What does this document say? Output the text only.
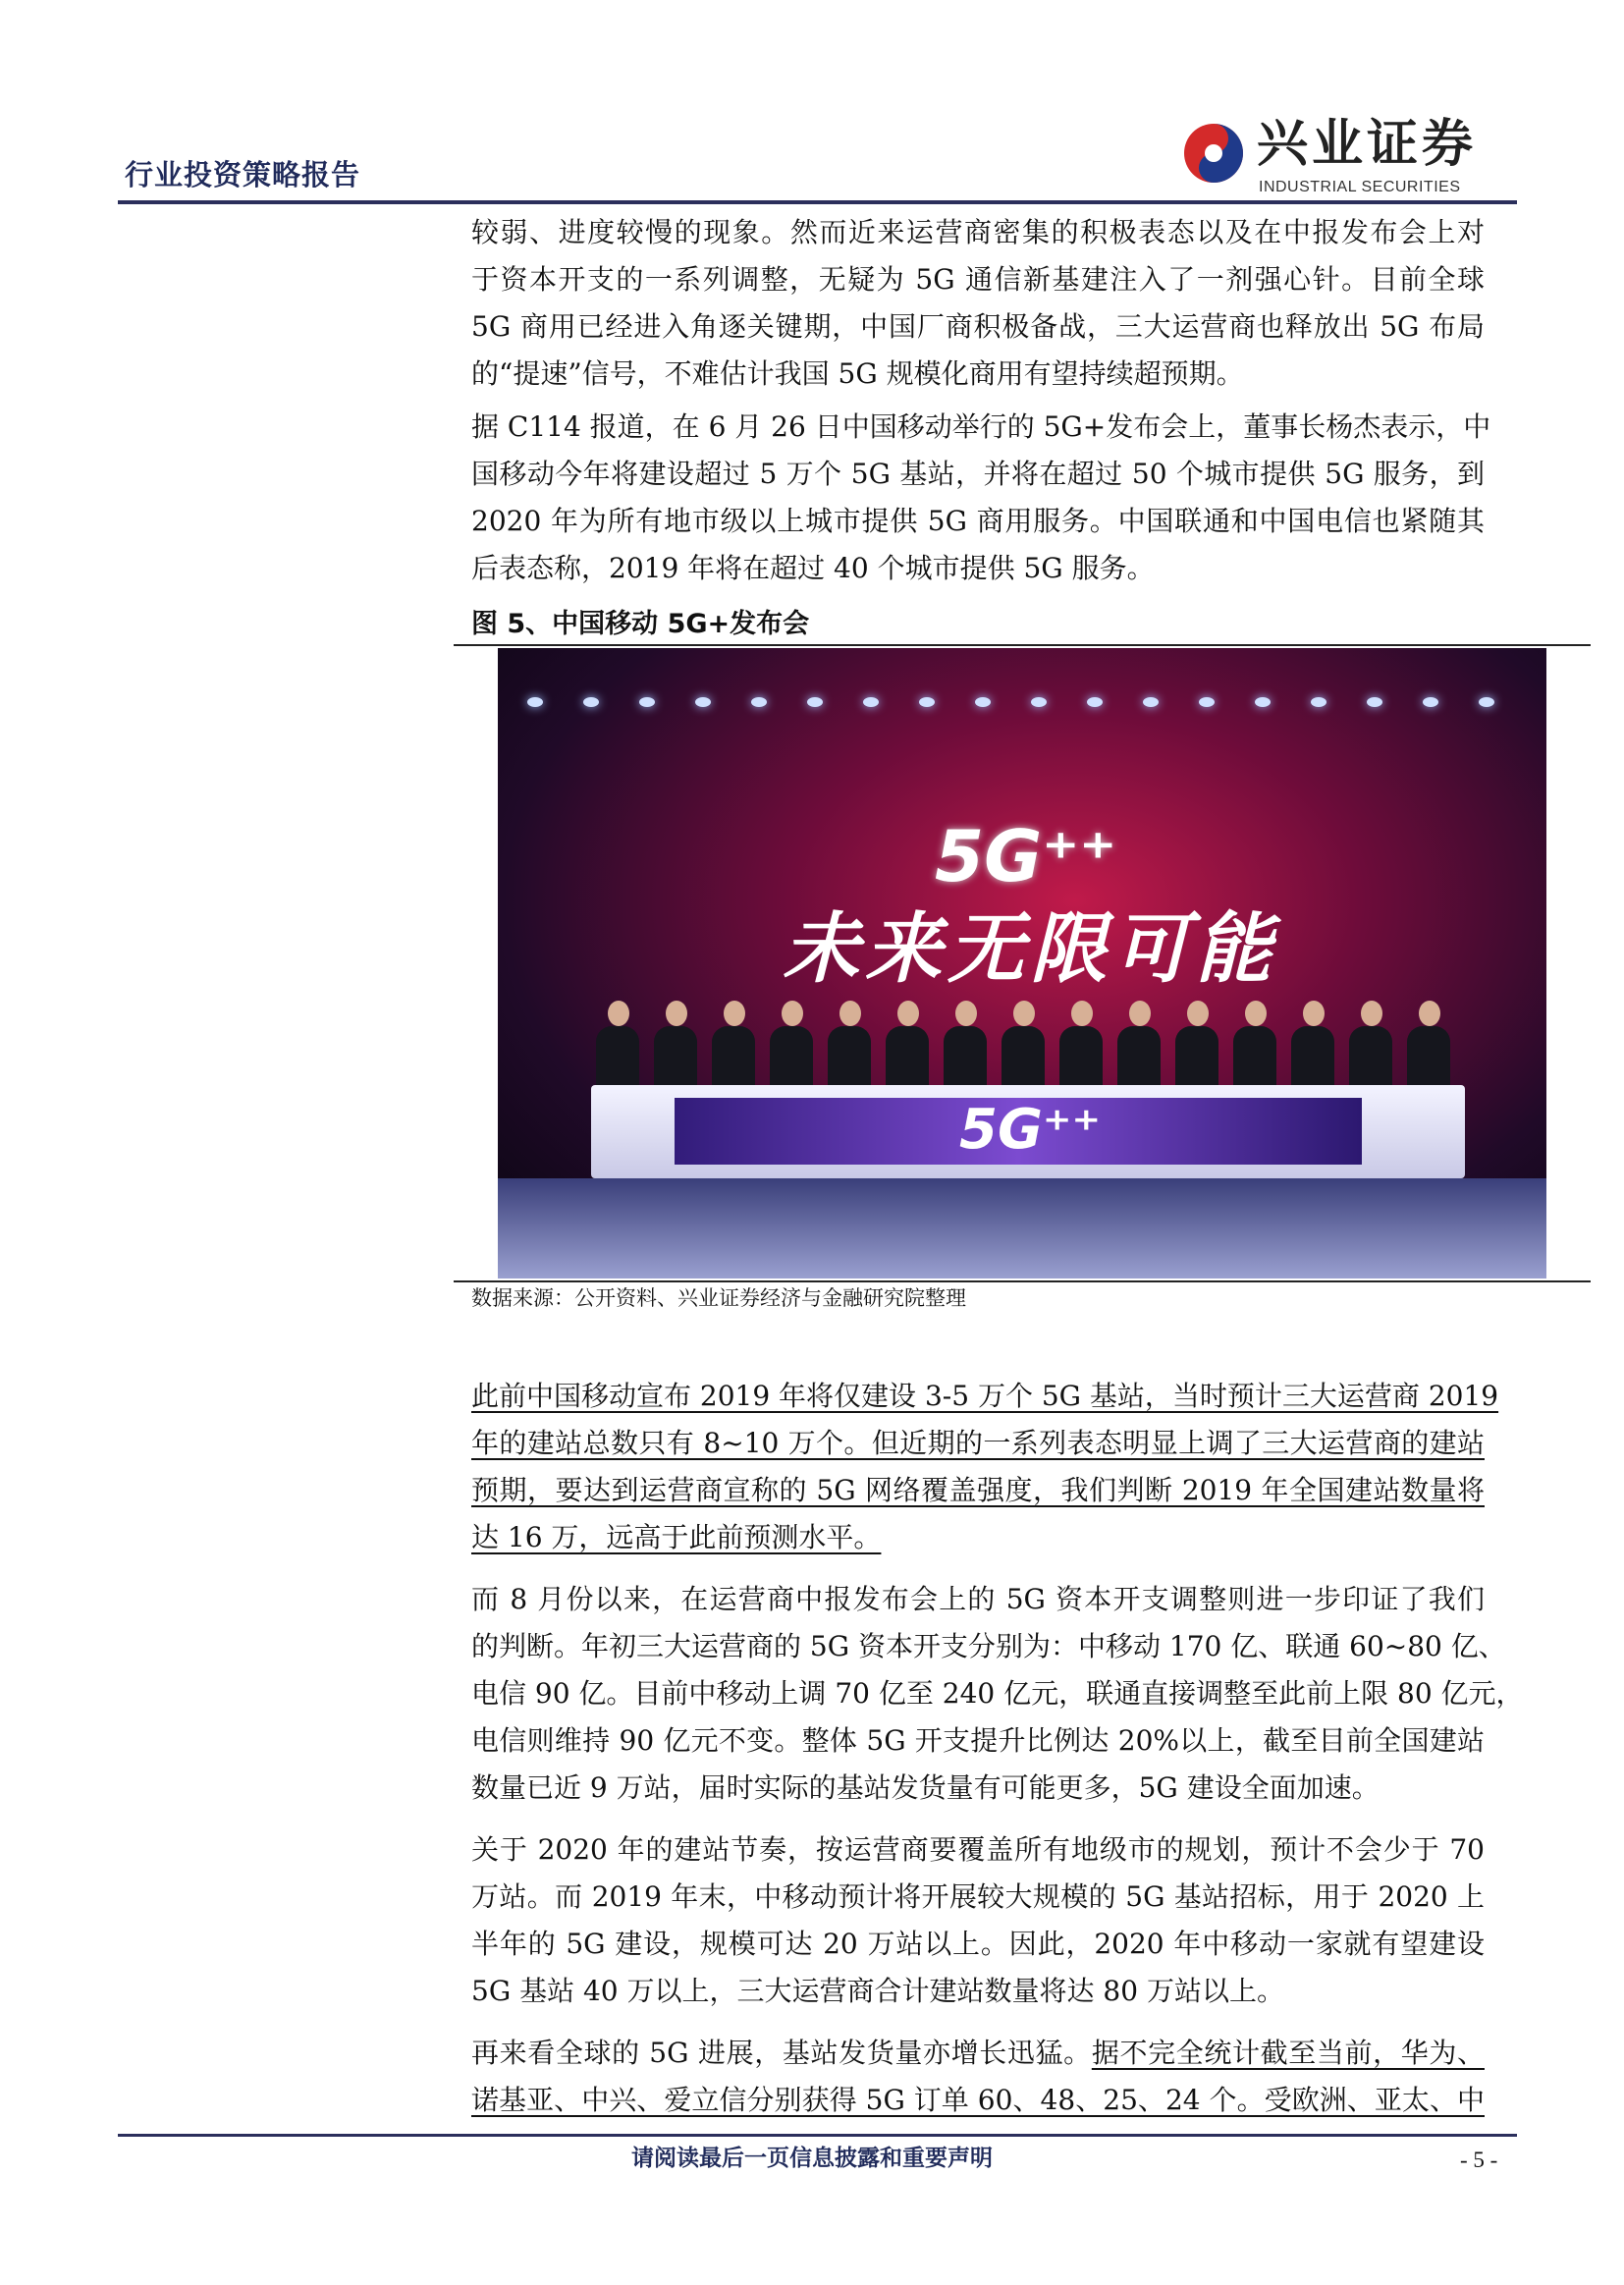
行业投资策略报告
兴业证券
INDUSTRIAL SECURITIES
较弱、进度较慢的现象。然而近来运营商密集的积极表态以及在中报发布会上对
于资本开支的一系列调整，无疑为 5G 通信新基建注入了一剂强心针。目前全球
5G 商用已经进入角逐关键期，中国厂商积极备战，三大运营商也释放出 5G 布局
的“提速”信号，不难估计我国 5G 规模化商用有望持续超预期。
据 C114 报道，在 6 月 26 日中国移动举行的 5G+发布会上，董事长杨杰表示，中
国移动今年将建设超过 5 万个 5G 基站，并将在超过 50 个城市提供 5G 服务，到
2020 年为所有地市级以上城市提供 5G 商用服务。中国联通和中国电信也紧随其
后表态称，2019 年将在超过 40 个城市提供 5G 服务。
此前中国移动宣布 2019 年将仅建设 3-5 万个 5G 基站，当时预计三大运营商 2019
年的建站总数只有 8~10 万个。但近期的一系列表态明显上调了三大运营商的建站
预期，要达到运营商宣称的 5G 网络覆盖强度，我们判断 2019 年全国建站数量将
达 16 万，远高于此前预测水平。
而 8 月份以来，在运营商中报发布会上的 5G 资本开支调整则进一步印证了我们
的判断。年初三大运营商的 5G 资本开支分别为：中移动 170 亿、联通 60~80 亿、
电信 90 亿。目前中移动上调 70 亿至 240 亿元，联通直接调整至此前上限 80 亿元，
电信则维持 90 亿元不变。整体 5G 开支提升比例达 20%以上，截至目前全国建站
数量已近 9 万站，届时实际的基站发货量有可能更多，5G 建设全面加速。
关于 2020 年的建站节奏，按运营商要覆盖所有地级市的规划，预计不会少于 70
万站。而 2019 年末，中移动预计将开展较大规模的 5G 基站招标，用于 2020 上
半年的 5G 建设，规模可达 20 万站以上。因此，2020 年中移动一家就有望建设
5G 基站 40 万以上，三大运营商合计建站数量将达 80 万站以上。
再来看全球的 5G 进展，基站发货量亦增长迅猛。据不完全统计截至当前，华为、
诺基亚、中兴、爱立信分别获得 5G 订单 60、48、25、24 个。受欧洲、亚太、中
图 5、中国移动 5G+发布会
5G⁺⁺
未来无限可能
5G⁺⁺
数据来源：公开资料、兴业证券经济与金融研究院整理
请阅读最后一页信息披露和重要声明	- 5 -
